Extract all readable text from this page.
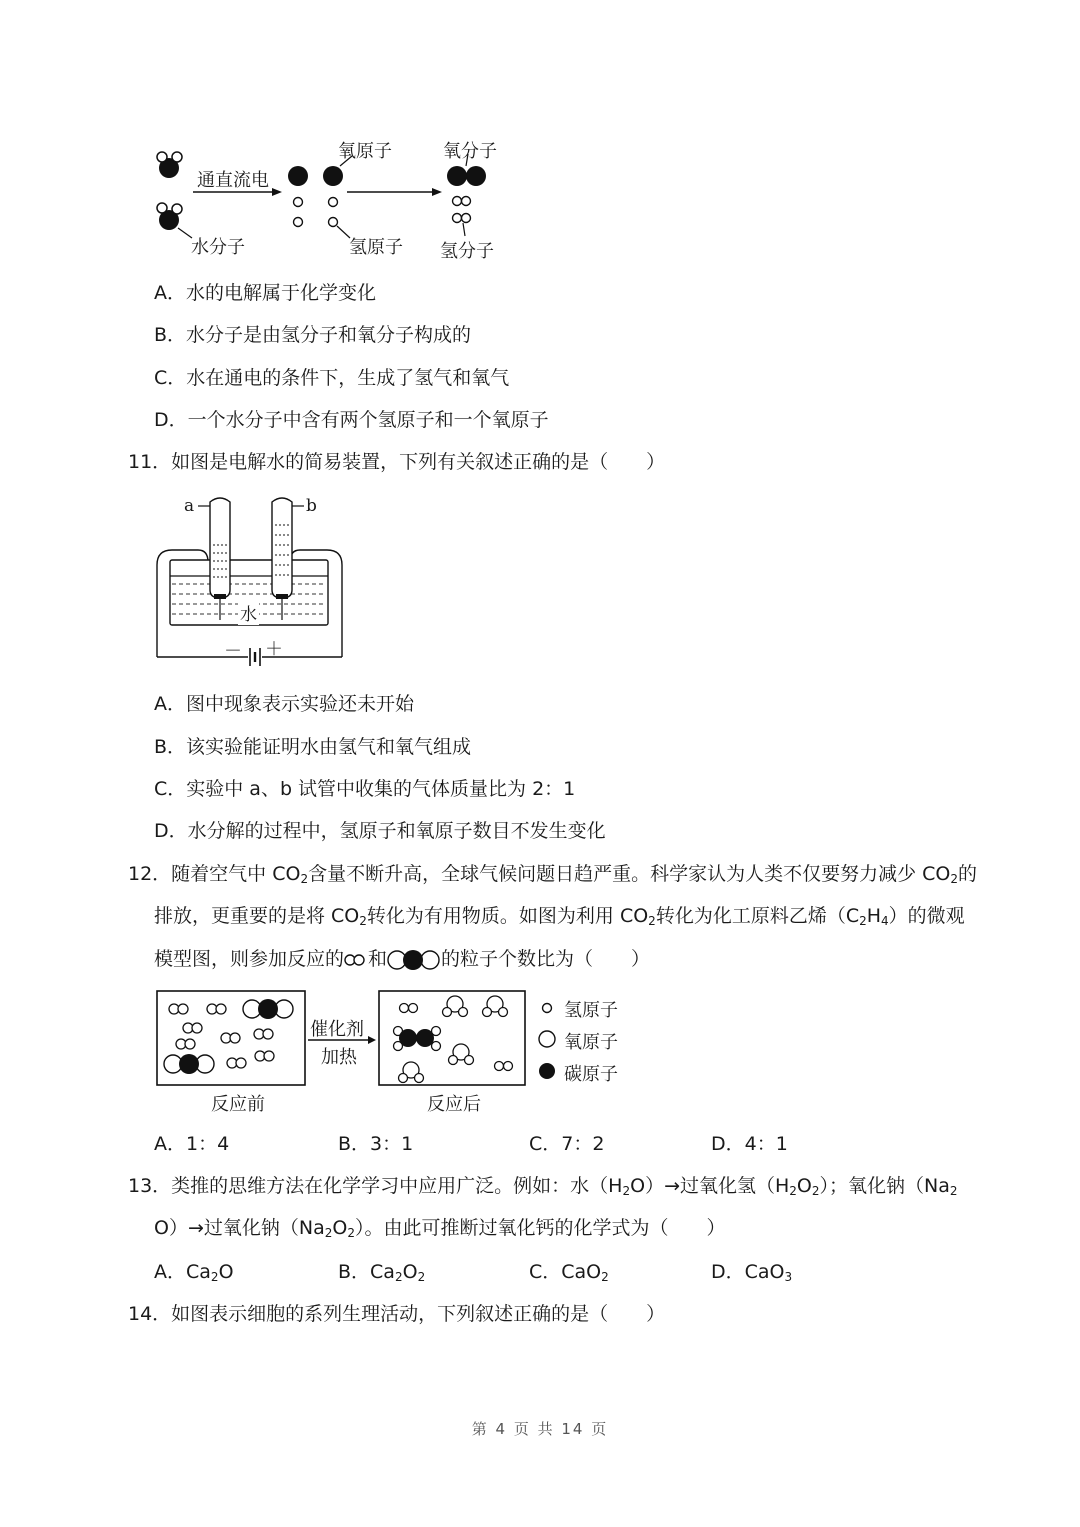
通直流电
氧原子	氧分子
水分子	氢原子 氢分子
A．水的电解属于化学变化
B．水分子是由氢分子和氧分子构成的
C．水在通电的条件下，生成了氢气和氧气
D．一个水分子中含有两个氢原子和一个氧原子
11．如图是电解水的简易装置，下列有关叙述正确的是（　　）
a	b
水
－ ＋
A．图中现象表示实验还未开始
B．该实验能证明水由氢气和氧气组成
C．实验中 a、b 试管中收集的气体质量比为 2：1
D．水分解的过程中，氢原子和氧原子数目不发生变化
12．随着空气中 $CO_2$含量不断升高，全球气候问题日趋严重。科学家认为人类不仅要努力减少 $CO_2$的
排放，更重要的是将 $CO_2$转化为有用物质。如图为利用 $CO_2$转化为化工原料乙烯$(C_2H_4)$的微观
模型图，则参加反应的 和	的粒子个数比为（　　）
催化剂
加热
反应前	反应后
氢原子
氧原子
碳原子
A．1：4	B．3：1	C．7：2	D．4：1
13．类推的思维方法在化学学习中应用广泛。例如：水$(H_2O)\to$过氧化氢$(H_2O_2)$；氧化钠（$Na_2$
O）→过氧化钠$(Na_2O_2)$。由此可推断过氧化钙的化学式为（　　）
A．$Ca_2O$	B．$Ca_2O_2$	C．CaO$_2$	D．CaO$_3$
14．如图表示细胞的系列生理活动，下列叙述正确的是（　　）
第 4 页 共 14 页
